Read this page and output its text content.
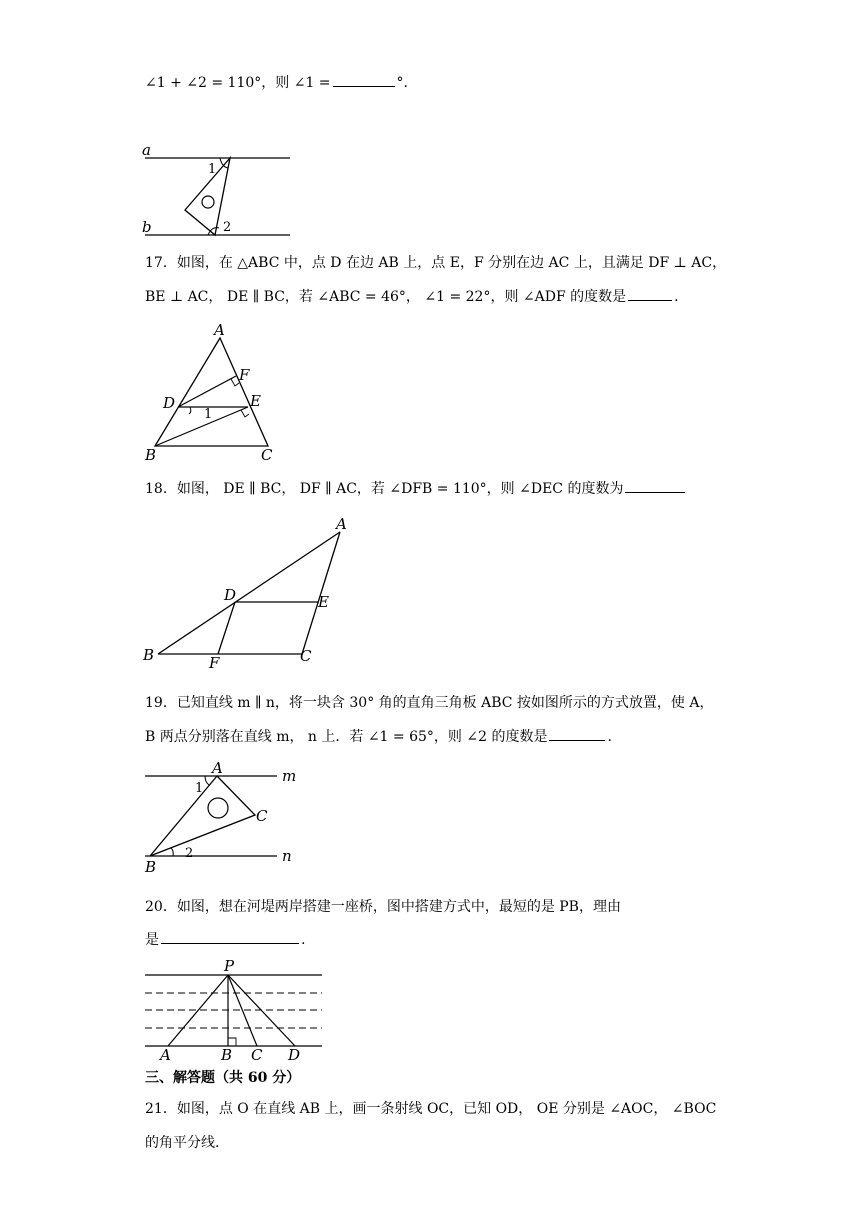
∠1 + ∠2 = 110°，则 ∠1 =	°．

a
b
1
2

17．如图，在 △ABC 中，点 D 在边 AB 上，点 E，F 分别在边 AC 上，且满足 DF ⊥ AC，

BE ⊥ AC， DE ∥ BC，若 ∠ABC = 46°， ∠1 = 22°，则 ∠ADF 的度数是	.

A
F
D	E
1
B	C

18．如图， DE ∥ BC， DF ∥ AC，若 ∠DFB = 110°，则 ∠DEC 的度数为

A
D	E
B	F	C

19．已知直线 m ∥ n，将一块含 30° 角的直角三角板 ABC 按如图所示的方式放置，使 A，

B 两点分别落在直线 m， n 上．若 ∠1 = 65°，则 ∠2 的度数是	.

A	m
1
C
2
B
n

20．如图，想在河堤两岸搭建一座桥，图中搭建方式中，最短的是 PB，理由

是	.

P
A	B C D

三、解答题（共 60 分）

21．如图，点 O 在直线 AB 上，画一条射线 OC，已知 OD， OE 分别是 ∠AOC， ∠BOC

的角平分线.
